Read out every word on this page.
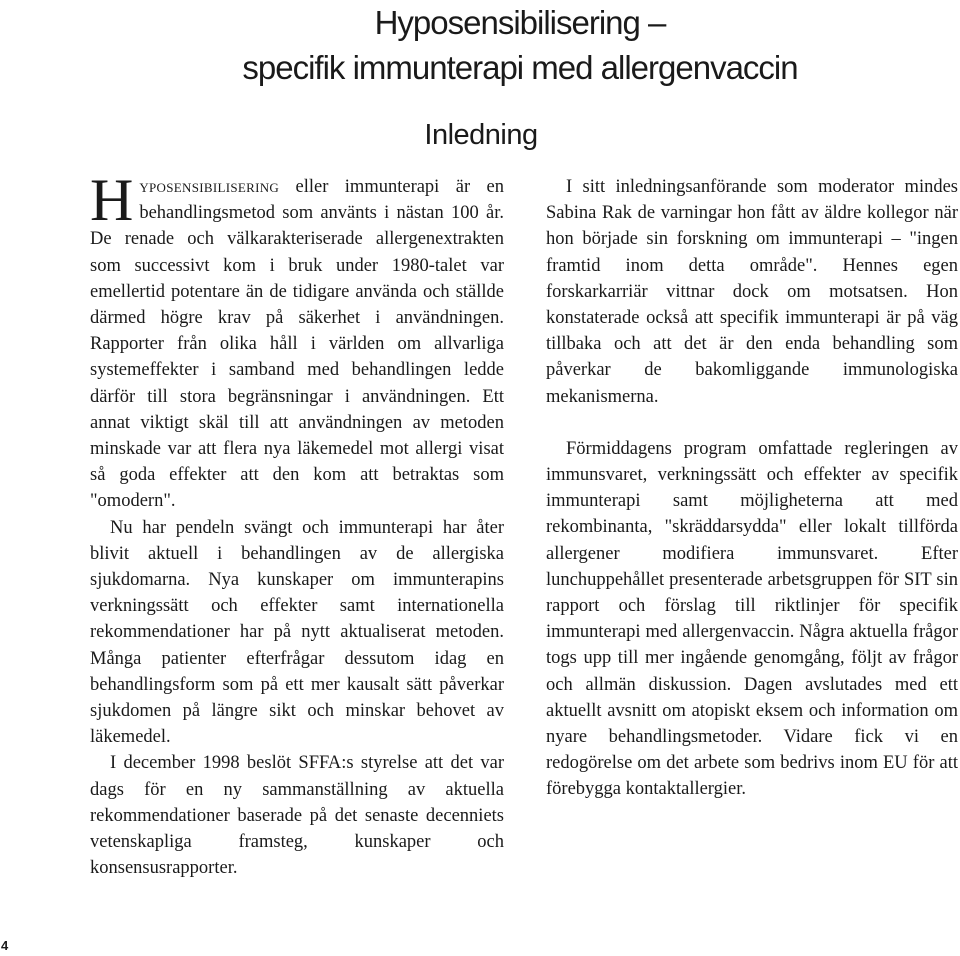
Hyposensibilisering –
specifik immunterapi med allergenvaccin
Inledning

Hyposensibilisering eller immunterapi är en behandlingsmetod som använts i nästan 100 år. De renade och välkarakteriserade allergenextrakten som successivt kom i bruk under 1980-talet var emellertid potentare än de tidigare använda och ställde därmed högre krav på säkerhet i användningen. Rapporter från olika håll i världen om allvarliga systemeffekter i samband med behandlingen ledde därför till stora begränsningar i användningen. Ett annat viktigt skäl till att användningen av metoden minskade var att flera nya läkemedel mot allergi visat så goda effekter att den kom att betraktas som "omodern".

Nu har pendeln svängt och immunterapi har åter blivit aktuell i behandlingen av de allergiska sjukdomarna. Nya kunskaper om immunterapins verkningssätt och effekter samt internationella rekommendationer har på nytt aktualiserat metoden. Många patienter efterfrågar dessutom idag en behandlingsform som på ett mer kausalt sätt påverkar sjukdomen på längre sikt och minskar behovet av läkemedel.

I december 1998 beslöt SFFA:s styrelse att det var dags för en ny sammanställning av aktuella rekommendationer baserade på det senaste decenniets vetenskapliga framsteg, kunskaper och konsensusrapporter.

I sitt inledningsanförande som moderator mindes Sabina Rak de varningar hon fått av äldre kollegor när hon började sin forskning om immunterapi – "ingen framtid inom detta område". Hennes egen forskarkarriär vittnar dock om motsatsen. Hon konstaterade också att specifik immunterapi är på väg tillbaka och att det är den enda behandling som påverkar de bakomliggande immunologiska mekanismerna.

Förmiddagens program omfattade regleringen av immunsvaret, verkningssätt och effekter av specifik immunterapi samt möjligheterna att med rekombinanta, "skräddarsydda" eller lokalt tillförda allergener modifiera immunsvaret. Efter lunchuppehållet presenterade arbetsgruppen för SIT sin rapport och förslag till riktlinjer för specifik immunterapi med allergenvaccin. Några aktuella frågor togs upp till mer ingående genomgång, följt av frågor och allmän diskussion. Dagen avslutades med ett aktuellt avsnitt om atopiskt eksem och information om nyare behandlingsmetoder. Vidare fick vi en redogörelse om det arbete som bedrivs inom EU för att förebygga kontaktallergier.

4
